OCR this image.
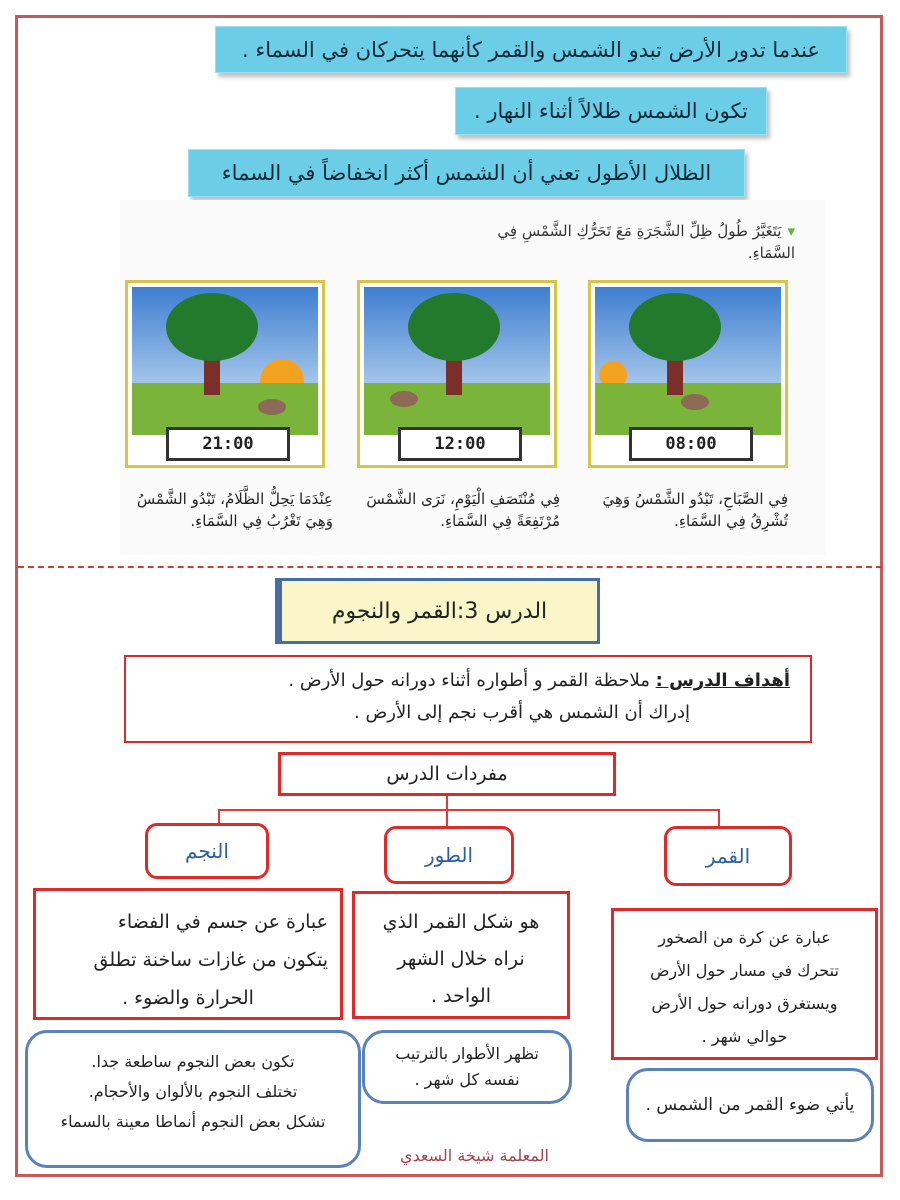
عندما تدور الأرض تبدو الشمس والقمر كأنهما يتحركان في السماء .
تكون الشمس ظلالاً أثناء النهار .
الظلال الأطول تعني أن الشمس أكثر انخفاضاً في السماء
▾يَتَغَيَّرُ طُولُ ظِلِّ الشَّجَرَةِ مَعَ تَحَرُّكِ الشَّمْسِ فِي السَّمَاءِ.
08:00
12:00
21:00
فِي الصَّبَاحِ، تَبْدُو الشَّمْسُ وَهِيَ تُشْرِقُ فِي السَّمَاءِ.
فِي مُنْتَصَفِ الْيَوْمِ، نَرَى الشَّمْسَ مُرْتَفِعَةً فِي السَّمَاءِ.
عِنْدَمَا يَحِلُّ الظَّلَامُ، تَبْدُو الشَّمْسُ وَهِيَ تَغْرُبُ فِي السَّمَاءِ.
الدرس 3:القمر والنجوم
أهداف الدرس : ملاحظة القمر و أطواره أثناء دورانه حول الأرض .
إدراك أن الشمس هي أقرب نجم إلى الأرض .
مفردات الدرس
النجم	الطور	القمر
عبارة عن جسم في الفضاء
يتكون من غازات ساخنة تطلق
الحرارة والضوء .
هو شكل القمر الذي
نراه خلال الشهر
الواحد .
عبارة عن كرة من الصخور
تتحرك في مسار حول الأرض
ويستغرق دورانه حول الأرض
حوالي شهر .
تكون بعض النجوم ساطعة جدا.
تختلف النجوم بالألوان والأحجام.
تشكل بعض النجوم أنماطا معينة بالسماء
تظهر الأطوار بالترتيب
نفسه كل شهر .
يأتي ضوء القمر من الشمس .
المعلمة شيخة السعدي
